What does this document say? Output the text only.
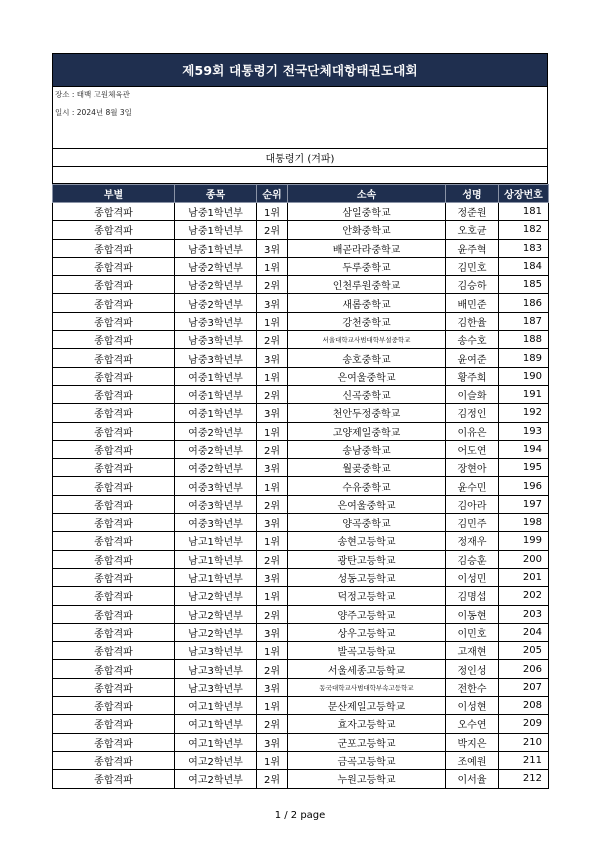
제59회 대통령기 전국단체대항태권도대회
장소 : 태백 고원체육관
일시 : 2024년 8월 3일
대통령기 (겨파)
부별	종목	순위	소속	성명	상장번호
종합격파	남중1학년부	1위	삼일중학교	정준원	181
종합격파	남중1학년부	2위	안화중학교	오호균	182
종합격파	남중1학년부	3위	배곧라라중학교	윤주혁	183
종합격파	남중2학년부	1위	두루중학교	김민호	184
종합격파	남중2학년부	2위	인천루원중학교	김승하	185
종합격파	남중2학년부	3위	새롬중학교	배민준	186
종합격파	남중3학년부	1위	강천중학교	김한율	187
종합격파	남중3학년부	2위	서울대학교사범대학부설중학교	송수호	188
종합격파	남중3학년부	3위	송호중학교	윤여준	189
종합격파	여중1학년부	1위	은여울중학교	황주희	190
종합격파	여중1학년부	2위	신곡중학교	이슬화	191
종합격파	여중1학년부	3위	천안두정중학교	김정인	192
종합격파	여중2학년부	1위	고양제일중학교	이유은	193
종합격파	여중2학년부	2위	송남중학교	어도연	194
종합격파	여중2학년부	3위	월곶중학교	장현아	195
종합격파	여중3학년부	1위	수유중학교	윤수민	196
종합격파	여중3학년부	2위	은여울중학교	김아라	197
종합격파	여중3학년부	3위	양곡중학교	김민주	198
종합격파	남고1학년부	1위	송현고등학교	정재우	199
종합격파	남고1학년부	2위	광탄고등학교	김승훈	200
종합격파	남고1학년부	3위	성동고등학교	이성민	201
종합격파	남고2학년부	1위	덕정고등학교	김명섭	202
종합격파	남고2학년부	2위	양주고등학교	이동현	203
종합격파	남고2학년부	3위	상우고등학교	이민호	204
종합격파	남고3학년부	1위	발곡고등학교	고재현	205
종합격파	남고3학년부	2위	서울세종고등학교	정인성	206
종합격파	남고3학년부	3위	동국대학교사범대학부속고등학교	전한수	207
종합격파	여고1학년부	1위	문산제일고등학교	이성현	208
종합격파	여고1학년부	2위	효자고등학교	오수연	209
종합격파	여고1학년부	3위	군포고등학교	박지은	210
종합격파	여고2학년부	1위	금곡고등학교	조예원	211
종합격파	여고2학년부	2위	누원고등학교	이서율	212
1 / 2 page
